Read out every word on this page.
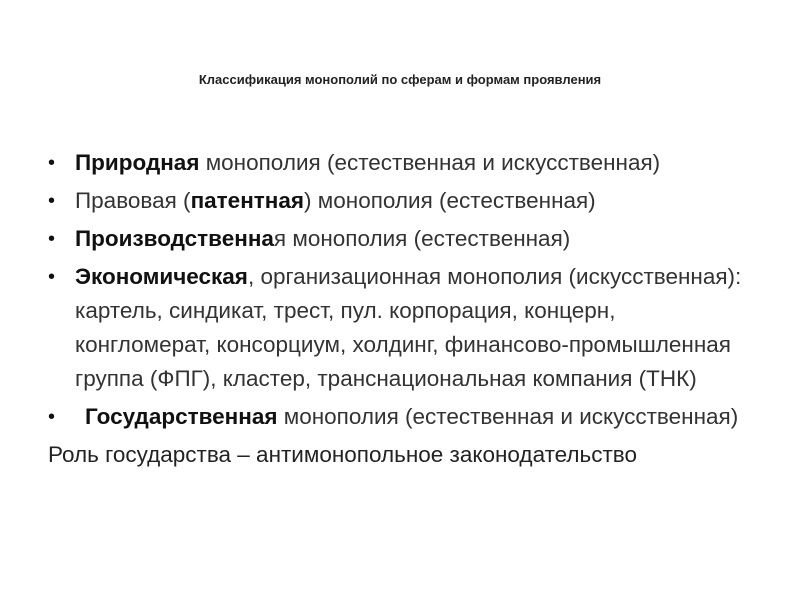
Классификация монополий по сферам и формам проявления
• Природная монополия (естественная и искусственная)
• Правовая (патентная) монополия (естественная)
• Производственная монополия (естественная)
• Экономическая, организационная монополия (искусственная): картель, синдикат, трест, пул. корпорация, концерн, конгломерат, консорциум, холдинг, финансово-промышленная группа (ФПГ), кластер, транснациональная компания (ТНК)
• Государственная монополия (естественная и искусственная)
Роль государства – антимонопольное законодательство
